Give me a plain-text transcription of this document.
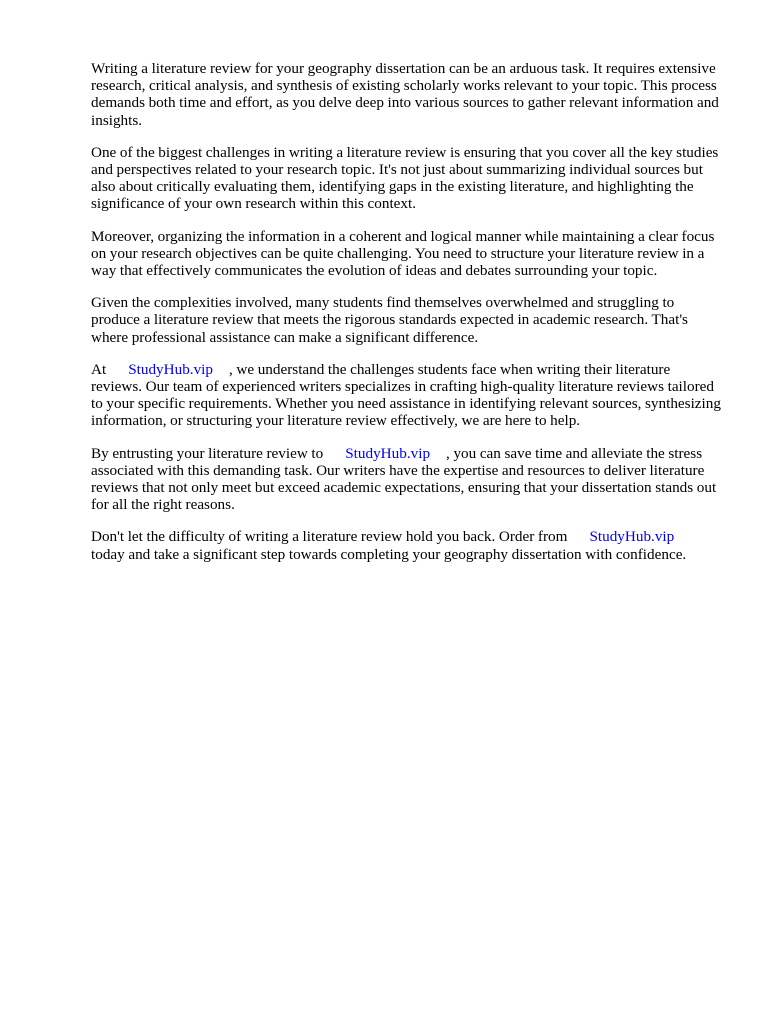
Writing a literature review for your geography dissertation can be an arduous task. It requires extensive research, critical analysis, and synthesis of existing scholarly works relevant to your topic. This process demands both time and effort, as you delve deep into various sources to gather relevant information and insights.

One of the biggest challenges in writing a literature review is ensuring that you cover all the key studies and perspectives related to your research topic. It's not just about summarizing individual sources but also about critically evaluating them, identifying gaps in the existing literature, and highlighting the significance of your own research within this context.

Moreover, organizing the information in a coherent and logical manner while maintaining a clear focus on your research objectives can be quite challenging. You need to structure your literature review in a way that effectively communicates the evolution of ideas and debates surrounding your topic.

Given the complexities involved, many students find themselves overwhelmed and struggling to produce a literature review that meets the rigorous standards expected in academic research. That's where professional assistance can make a significant difference.

At StudyHub.vip , we understand the challenges students face when writing their literature reviews. Our team of experienced writers specializes in crafting high-quality literature reviews tailored to your specific requirements. Whether you need assistance in identifying relevant sources, synthesizing information, or structuring your literature review effectively, we are here to help.

By entrusting your literature review to StudyHub.vip , you can save time and alleviate the stress associated with this demanding task. Our writers have the expertise and resources to deliver literature reviews that not only meet but exceed academic expectations, ensuring that your dissertation stands out for all the right reasons.

Don't let the difficulty of writing a literature review hold you back. Order from StudyHub.viptoday and take a significant step towards completing your geography dissertation with confidence.
